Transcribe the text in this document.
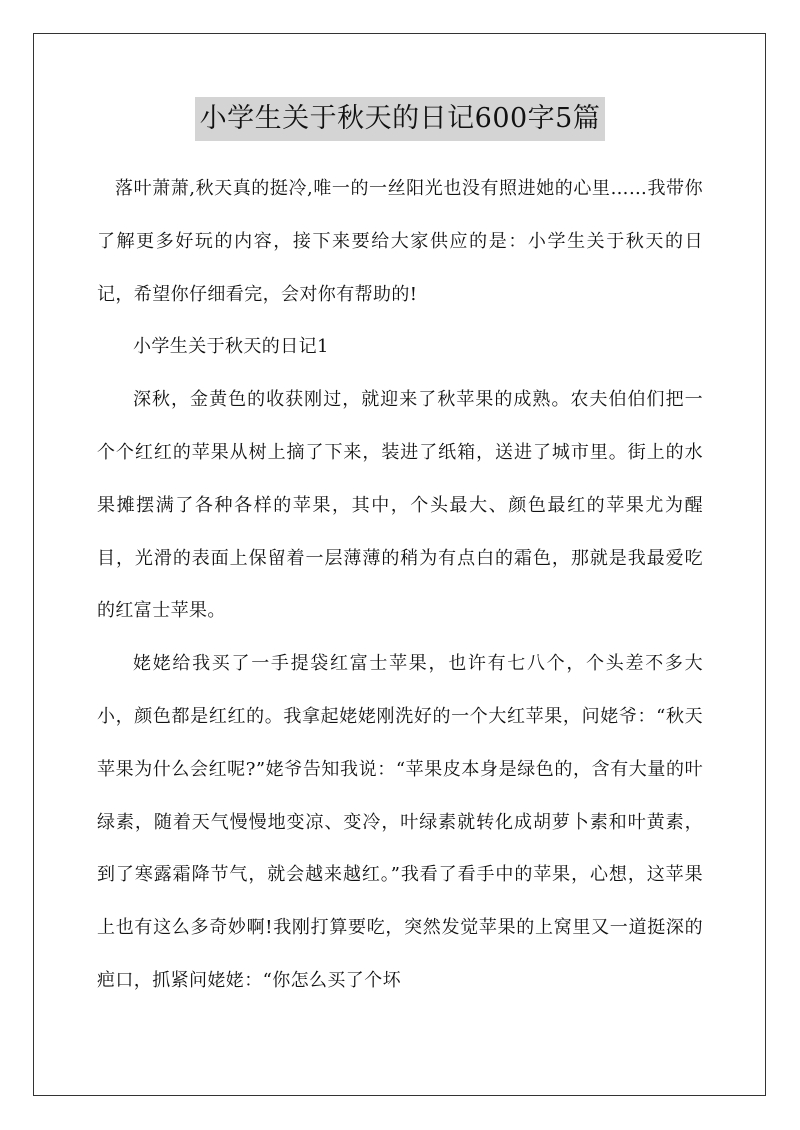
小学生关于秋天的日记600字5篇

落叶萧萧,秋天真的挺冷,唯一的一丝阳光也没有照进她的心里……我带你了解更多好玩的内容，接下来要给大家供应的是：小学生关于秋天的日记，希望你仔细看完，会对你有帮助的!

小学生关于秋天的日记1

深秋，金黄色的收获刚过，就迎来了秋苹果的成熟。农夫伯伯们把一个个红红的苹果从树上摘了下来，装进了纸箱，送进了城市里。街上的水果摊摆满了各种各样的苹果，其中，个头最大、颜色最红的苹果尤为醒目，光滑的表面上保留着一层薄薄的稍为有点白的霜色，那就是我最爱吃的红富士苹果。

姥姥给我买了一手提袋红富士苹果，也许有七八个，个头差不多大小，颜色都是红红的。我拿起姥姥刚洗好的一个大红苹果，问姥爷：“秋天苹果为什么会红呢?”姥爷告知我说：“苹果皮本身是绿色的，含有大量的叶绿素，随着天气慢慢地变凉、变冷，叶绿素就转化成胡萝卜素和叶黄素，到了寒露霜降节气，就会越来越红。”我看了看手中的苹果，心想，这苹果上也有这么多奇妙啊!我刚打算要吃，突然发觉苹果的上窝里又一道挺深的疤口，抓紧问姥姥：“你怎么买了个坏
